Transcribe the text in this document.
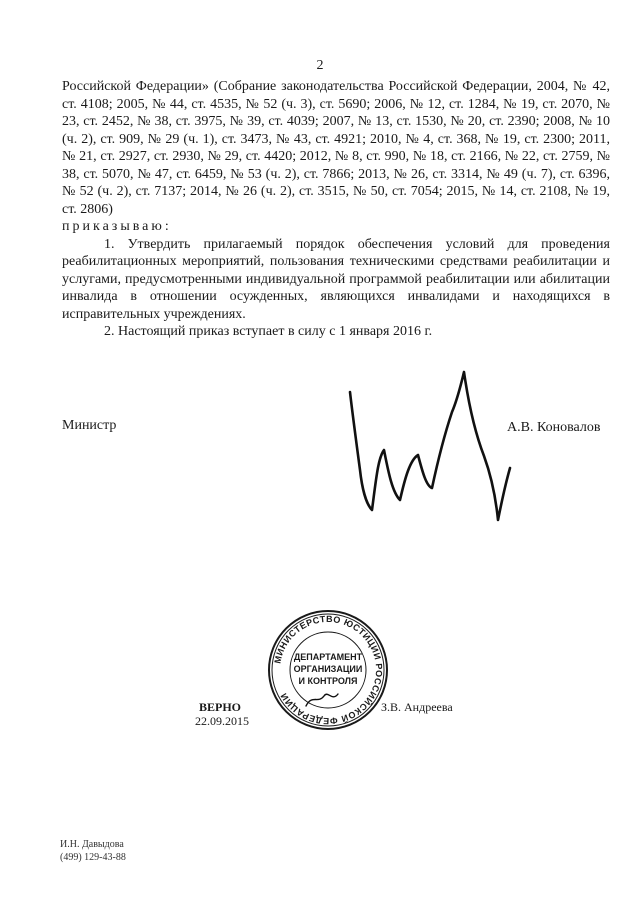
2

Российской Федерации» (Собрание законодательства Российской Федерации, 2004, № 42, ст. 4108; 2005, № 44, ст. 4535, № 52 (ч. 3), ст. 5690; 2006, № 12, ст. 1284, № 19, ст. 2070, № 23, ст. 2452, № 38, ст. 3975, № 39, ст. 4039; 2007, № 13, ст. 1530, № 20, ст. 2390; 2008, № 10 (ч. 2), ст. 909, № 29 (ч. 1), ст. 3473, № 43, ст. 4921; 2010, № 4, ст. 368, № 19, ст. 2300; 2011, № 21, ст. 2927, ст. 2930, № 29, ст. 4420; 2012, № 8, ст. 990, № 18, ст. 2166, № 22, ст. 2759, № 38, ст. 5070, № 47, ст. 6459, № 53 (ч. 2), ст. 7866; 2013, № 26, ст. 3314, № 49 (ч. 7), ст. 6396, № 52 (ч. 2), ст. 7137; 2014, № 26 (ч. 2), ст. 3515, № 50, ст. 7054; 2015, № 14, ст. 2108, № 19, ст. 2806)

приказываю:

1. Утвердить прилагаемый порядок обеспечения условий для проведения реабилитационных мероприятий, пользования техническими средствами реабилитации и услугами, предусмотренными индивидуальной программой реабилитации или абилитации инвалида в отношении осужденных, являющихся инвалидами и находящихся в исправительных учреждениях.

2. Настоящий приказ вступает в силу с 1 января 2016 г.

Министр	А.В. Коновалов
МИНИСТЕРСТВО ЮСТИЦИИ РОССИЙСКОЙ ФЕДЕРАЦИИ
ДЕПАРТАМЕНТ
ОРГАНИЗАЦИИ
И КОНТРОЛЯ
ВЕРНО
22.09.2015
З.В. Андреева
И.Н. Давыдова
(499) 129-43-88
